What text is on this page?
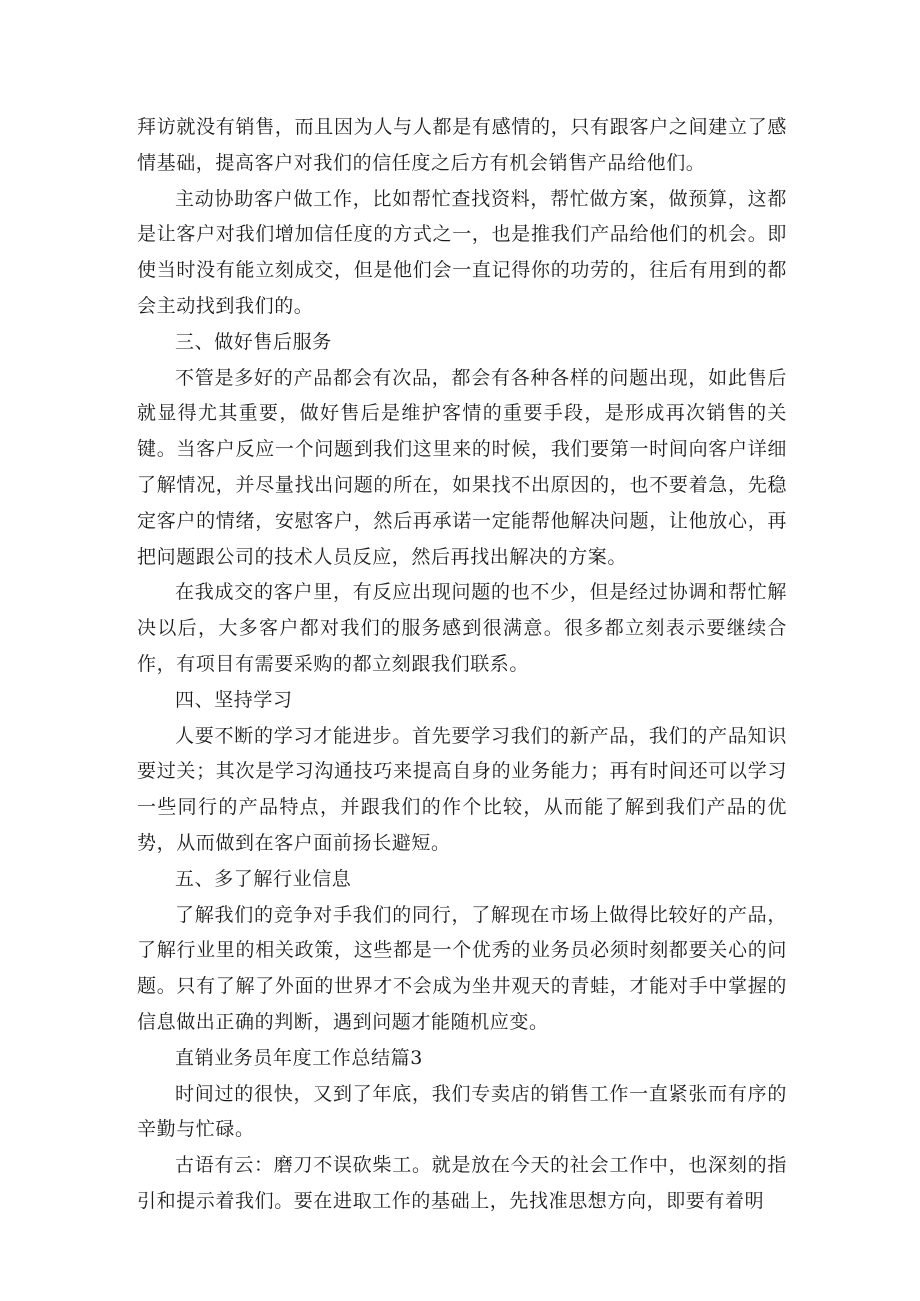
拜访就没有销售，而且因为人与人都是有感情的，只有跟客户之间建立了感情基础，提高客户对我们的信任度之后方有机会销售产品给他们。

主动协助客户做工作，比如帮忙查找资料，帮忙做方案，做预算，这都是让客户对我们增加信任度的方式之一，也是推我们产品给他们的机会。即使当时没有能立刻成交，但是他们会一直记得你的功劳的，往后有用到的都会主动找到我们的。

三、做好售后服务

不管是多好的产品都会有次品，都会有各种各样的问题出现，如此售后就显得尤其重要，做好售后是维护客情的重要手段，是形成再次销售的关键。当客户反应一个问题到我们这里来的时候，我们要第一时间向客户详细了解情况，并尽量找出问题的所在，如果找不出原因的，也不要着急，先稳定客户的情绪，安慰客户，然后再承诺一定能帮他解决问题，让他放心，再把问题跟公司的技术人员反应，然后再找出解决的方案。

在我成交的客户里，有反应出现问题的也不少，但是经过协调和帮忙解决以后，大多客户都对我们的服务感到很满意。很多都立刻表示要继续合作，有项目有需要采购的都立刻跟我们联系。

四、坚持学习

人要不断的学习才能进步。首先要学习我们的新产品，我们的产品知识要过关；其次是学习沟通技巧来提高自身的业务能力；再有时间还可以学习一些同行的产品特点，并跟我们的作个比较，从而能了解到我们产品的优势，从而做到在客户面前扬长避短。

五、多了解行业信息

了解我们的竞争对手我们的同行，了解现在市场上做得比较好的产品，了解行业里的相关政策，这些都是一个优秀的业务员必须时刻都要关心的问题。只有了解了外面的世界才不会成为坐井观天的青蛙，才能对手中掌握的信息做出正确的判断，遇到问题才能随机应变。

直销业务员年度工作总结篇3

时间过的很快，又到了年底，我们专卖店的销售工作一直紧张而有序的辛勤与忙碌。

古语有云：磨刀不误砍柴工。就是放在今天的社会工作中，也深刻的指引和提示着我们。要在进取工作的基础上，先找准思想方向，即要有着明
